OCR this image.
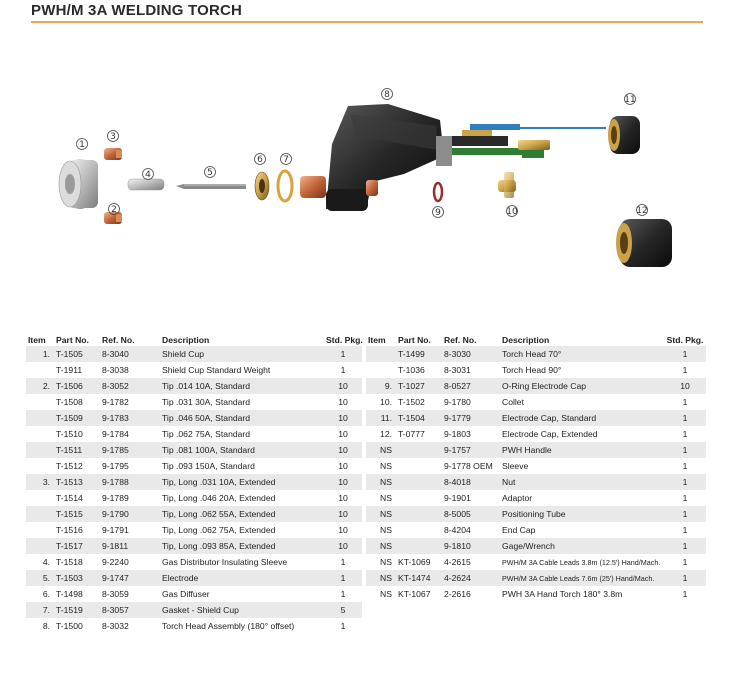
PWH/M 3A WELDING TORCH
1
2
3
4	5
6 7
8
9	10
11
12
Item	Part No.	Ref. No.	Description	Std. Pkg.
1.	T-1505	8-3040	Shield Cup	1
	T-1911	8-3038	Shield Cup Standard Weight	1
2.	T-1506	8-3052	Tip .014 10A, Standard	10
	T-1508	9-1782	Tip .031 30A, Standard	10
	T-1509	9-1783	Tip .046 50A, Standard	10
	T-1510	9-1784	Tip .062 75A, Standard	10
	T-1511	9-1785	Tip .081 100A, Standard	10
	T-1512	9-1795	Tip .093 150A, Standard	10
3.	T-1513	9-1788	Tip, Long .031 10A, Extended	10
	T-1514	9-1789	Tip, Long .046 20A, Extended	10
	T-1515	9-1790	Tip, Long .062 55A, Extended	10
	T-1516	9-1791	Tip, Long .062 75A, Extended	10
	T-1517	9-1811	Tip, Long .093 85A, Extended	10
4.	T-1518	9-2240	Gas Distributor Insulating Sleeve	1
5.	T-1503	9-1747	Electrode	1
6.	T-1498	8-3059	Gas Diffuser	1
7.	T-1519	8-3057	Gasket - Shield Cup	5
8.	T-1500	8-3032	Torch Head Assembly (180° offset)	1
Item	Part No.	Ref. No.	Description	Std. Pkg.
	T-1499	8-3030	Torch Head 70°	1
	T-1036	8-3031	Torch Head 90°	1
9.	T-1027	8-0527	O-Ring Electrode Cap	10
10.	T-1502	9-1780	Collet	1
11.	T-1504	9-1779	Electrode Cap, Standard	1
12.	T-0777	9-1803	Electrode Cap, Extended	1
NS		9-1757	PWH Handle	1
NS		9-1778 OEM	Sleeve	1
NS		8-4018	Nut	1
NS		9-1901	Adaptor	1
NS		8-5005	Positioning Tube	1
NS		8-4204	End Cap	1
NS		9-1810	Gage/Wrench	1
NS	KT-1069	4-2615	PWH/M 3A Cable Leads 3.8m (12.5') Hand/Mach.	1
NS	KT-1474	4-2624	PWH/M 3A Cable Leads 7.6m (25') Hand/Mach.	1
NS	KT-1067	2-2616	PWH 3A Hand Torch 180° 3.8m	1
